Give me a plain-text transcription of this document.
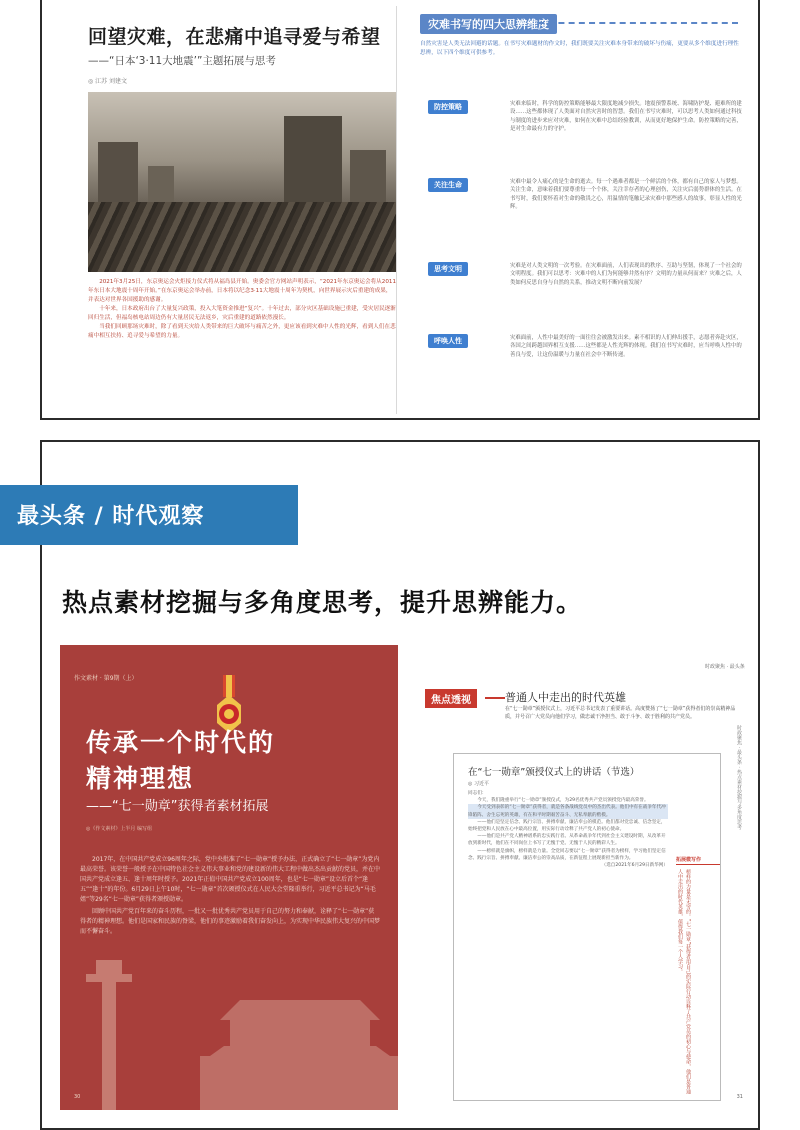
回望灾难，在悲痛中追寻爱与希望
——“日本‘3·11大地震’”主题拓展与思考
◎ 江苏 刘建文

2021年3月25日，东京奥运会火炬接力仪式将从福岛县开始。奥委会官方网站声明表示，“2021年东京奥运会将从2011年东日本大地震十周年开始。”在东京奥运会举办前，日本将以纪念3·11大地震十周年为契机，向世界展示灾后重建的成果，并表达对世界各国援助的感谢。

十年来，日本政府出台了大量复兴政策，投入大笔资金推进“复兴”。十年过去，部分灾区基础设施已重建，受灾居民逐渐回归生活，但福岛核电站周边仍有大量居民无法返乡，灾后重建的道路依然漫长。

当我们回顾那场灾难时，除了看到天灾给人类带来的巨大破坏与痛苦之外，更应该看到灾难中人性的光辉，看到人们在悲痛中相互扶持、追寻爱与希望的力量。

灾难书写的四大思辨维度
自然灾害是人类无法回避的话题。在书写灾难题材的作文时，我们既要关注灾难本身带来的破坏与伤痛，更要从多个维度进行理性思辨，以下四个维度可供参考。
防控策略	灾难来临时，科学的防控策略能够最大限度地减少损失。地震预警系统、海啸防护堤、避难所的建设……这些都体现了人类面对自然灾害时的智慧。我们在书写灾难时，可以思考人类如何通过科技与制度的进步来应对灾难，如何在灾难中总结经验教训，从而更好地保护生命。防控策略的完善，是对生命最有力的守护。
关注生命	灾难中最令人痛心的是生命的逝去。每一个遇难者都是一个鲜活的个体，都有自己的家人与梦想。关注生命，意味着我们要尊重每一个个体，关注幸存者的心理创伤，关注灾后弱势群体的生活。在书写时，我们要怀着对生命的敬畏之心，用温情的笔触记录灾难中那些感人的故事，彰显人性的光辉。
思考文明	灾难是对人类文明的一次考验。在灾难面前，人们表现出的秩序、互助与坚韧，体现了一个社会的文明程度。我们可以思考：灾难中的人们为何能够井然有序？文明的力量从何而来？灾难之后，人类如何反思自身与自然的关系，推动文明不断向前发展？
呼唤人性	灾难面前，人性中最美好的一面往往会被激发出来。素不相识的人们伸出援手，志愿者奔赴灾区，各国之间跨越国界相互支援……这些都是人性光辉的体现。我们在书写灾难时，应当呼唤人性中的善良与爱，让这份温暖与力量在社会中不断传递。
最头条 / 时代观察
热点素材挖掘与多角度思考，提升思辨能力。
作文素材 · 第9期（上）
传承一个时代的
精神理想
——“七一勋章”获得者素材拓展
◎《作文素材》上半月 编写组

2017年，在中国共产党成立96周年之际，党中央批准了“七一勋章”授予办法，正式确立了“七一勋章”为党内最高荣誉。该荣誉一般授予在中国特色社会主义伟大事业和党的建设新的伟大工程中做出杰出贡献的党员，并在中国共产党成立逢五、逢十周年时授予。2021年正值中国共产党成立100周年，也是“七一勋章”设立后首个“逢五”“逢十”的年份。6月29日上午10时，“七一勋章”首次颁授仪式在人民大会堂隆重举行，习近平总书记为“马毛姐”等29名“七一勋章”获得者颁授勋章。

回顾中国共产党百年来的奋斗历程，一批又一批优秀共产党员用于自己的努力和奉献，诠释了“七一勋章”获得者的精神理想。他们是国家和民族的脊梁，他们的事迹激励着我们奋发向上，为实现中华民族伟大复兴的中国梦而不懈奋斗。

30
时政聚焦 · 最头条
焦点透视	普通人中走出的时代英雄
在“七一勋章”颁授仪式上，习近平总书记发表了重要讲话。高度赞扬了“七一勋章”获得者们的崇高精神品质，并号召广大党员向他们学习，做忠诚干净担当、敢于斗争、敢于胜利的共产党员。
在“七一勋章”颁授仪式上的讲话（节选）
◎ 习近平

同志们：

今天，我们隆重举行“七一勋章”颁授仪式，为29名优秀共产党员颁授党内最高荣誉。

今天受到表彰的“七一勋章”获得者，就是各条战线党员中的杰出代表。他们中有在战争年代冲锋陷阵、舍生忘死的英雄，有在和平时期艰苦奋斗、无私奉献的楷模。

——他们是坚定信念、践行宗旨、拼搏奉献、廉洁奉公的模范。他们都对党忠诚、信念坚定，始终把党和人民放在心中最高位置，用实际行动诠释了共产党人的初心使命。

——他们是共产党人精神谱系的忠实践行者。从革命战争年代到社会主义建设时期，从改革开放到新时代，他们在不同岗位上书写了无愧于党、无愧于人民的精彩人生。

——榜样就是旗帜，榜样就是力量。全党同志要以“七一勋章”获得者为榜样，学习他们坚定信念、践行宗旨、拼搏奉献、廉洁奉公的崇高品质，在新征程上展现新担当新作为。

（选自2021年6月29日新华网）

拓展微写作
榜样的力量是无穷的。“七一勋章”获得者用自己的实际行动诠释了共产党员的初心与使命，他们是普通人中走出的时代英雄，值得我们每一个人学习。
时政聚焦 · 最头条 · 热点素材挖掘与多角度思考
31
